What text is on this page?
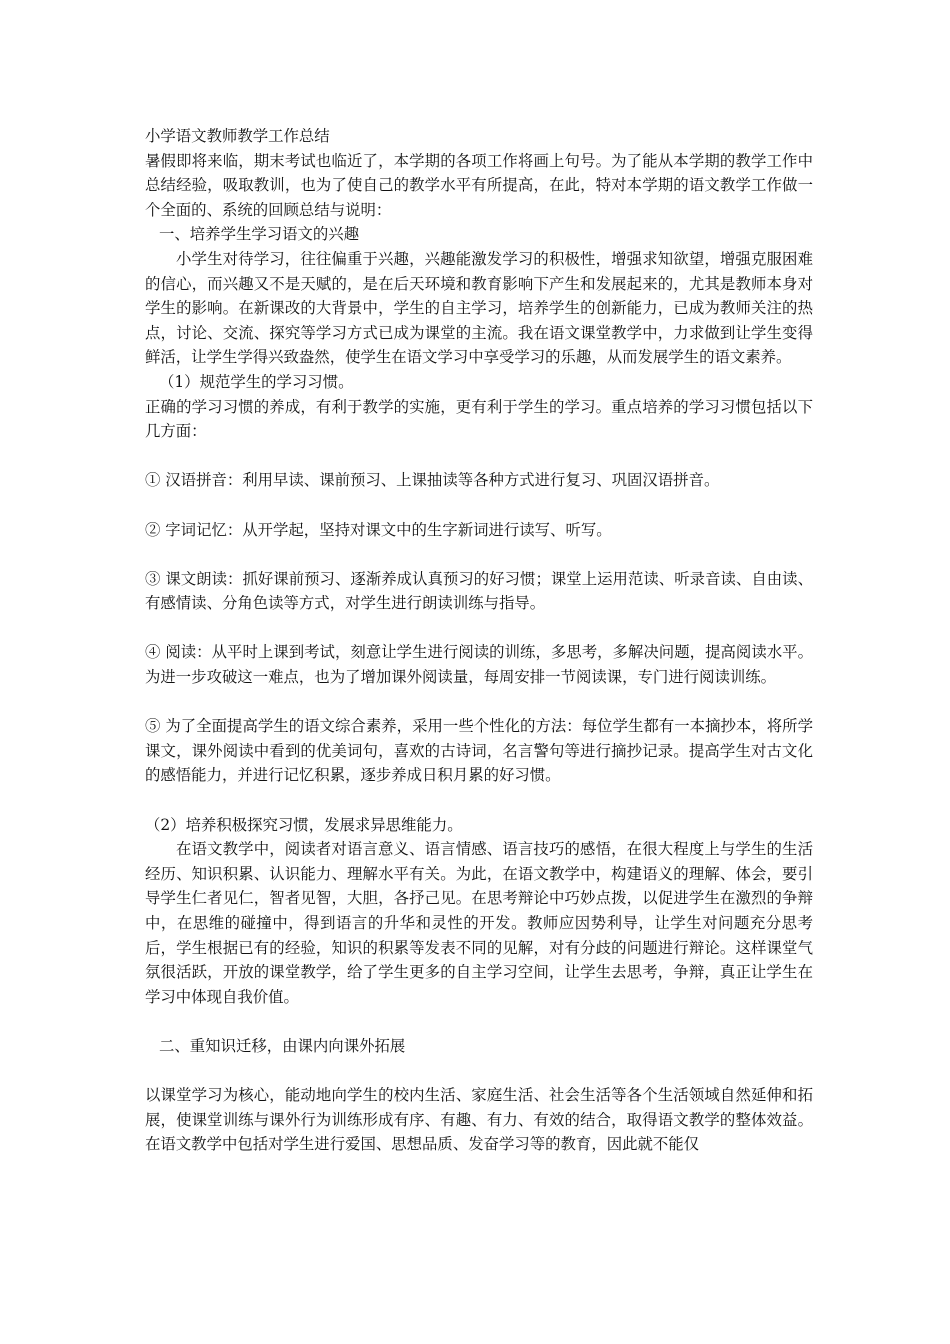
小学语文教师教学工作总结

暑假即将来临，期末考试也临近了，本学期的各项工作将画上句号。为了能从本学期的教学工作中总结经验，吸取教训，也为了使自己的教学水平有所提高，在此，特对本学期的语文教学工作做一个全面的、系统的回顾总结与说明：

一、培养学生学习语文的兴趣

小学生对待学习，往往偏重于兴趣，兴趣能激发学习的积极性，增强求知欲望，增强克服困难的信心，而兴趣又不是天赋的，是在后天环境和教育影响下产生和发展起来的，尤其是教师本身对学生的影响。在新课改的大背景中，学生的自主学习，培养学生的创新能力，已成为教师关注的热点，讨论、交流、探究等学习方式已成为课堂的主流。我在语文课堂教学中，力求做到让学生变得鲜活，让学生学得兴致盎然，使学生在语文学习中享受学习的乐趣，从而发展学生的语文素养。

（1）规范学生的学习习惯。

正确的学习习惯的养成，有利于教学的实施，更有利于学生的学习。重点培养的学习习惯包括以下几方面：

① 汉语拼音：利用早读、课前预习、上课抽读等各种方式进行复习、巩固汉语拼音。

② 字词记忆：从开学起，坚持对课文中的生字新词进行读写、听写。

③ 课文朗读：抓好课前预习、逐渐养成认真预习的好习惯；课堂上运用范读、听录音读、自由读、有感情读、分角色读等方式，对学生进行朗读训练与指导。

④ 阅读：从平时上课到考试，刻意让学生进行阅读的训练，多思考，多解决问题，提高阅读水平。为进一步攻破这一难点，也为了增加课外阅读量，每周安排一节阅读课，专门进行阅读训练。

⑤ 为了全面提高学生的语文综合素养，采用一些个性化的方法：每位学生都有一本摘抄本，将所学课文，课外阅读中看到的优美词句，喜欢的古诗词，名言警句等进行摘抄记录。提高学生对古文化的感悟能力，并进行记忆积累，逐步养成日积月累的好习惯。

（2）培养积极探究习惯，发展求异思维能力。

在语文教学中，阅读者对语言意义、语言情感、语言技巧的感悟，在很大程度上与学生的生活经历、知识积累、认识能力、理解水平有关。为此，在语文教学中，构建语义的理解、体会，要引导学生仁者见仁，智者见智，大胆，各抒己见。在思考辩论中巧妙点拨，以促进学生在激烈的争辩中，在思维的碰撞中，得到语言的升华和灵性的开发。教师应因势利导，让学生对问题充分思考后，学生根据已有的经验，知识的积累等发表不同的见解，对有分歧的问题进行辩论。这样课堂气氛很活跃，开放的课堂教学，给了学生更多的自主学习空间，让学生去思考，争辩，真正让学生在学习中体现自我价值。

二、重知识迁移，由课内向课外拓展

以课堂学习为核心，能动地向学生的校内生活、家庭生活、社会生活等各个生活领域自然延伸和拓展，使课堂训练与课外行为训练形成有序、有趣、有力、有效的结合，取得语文教学的整体效益。在语文教学中包括对学生进行爱国、思想品质、发奋学习等的教育，因此就不能仅
